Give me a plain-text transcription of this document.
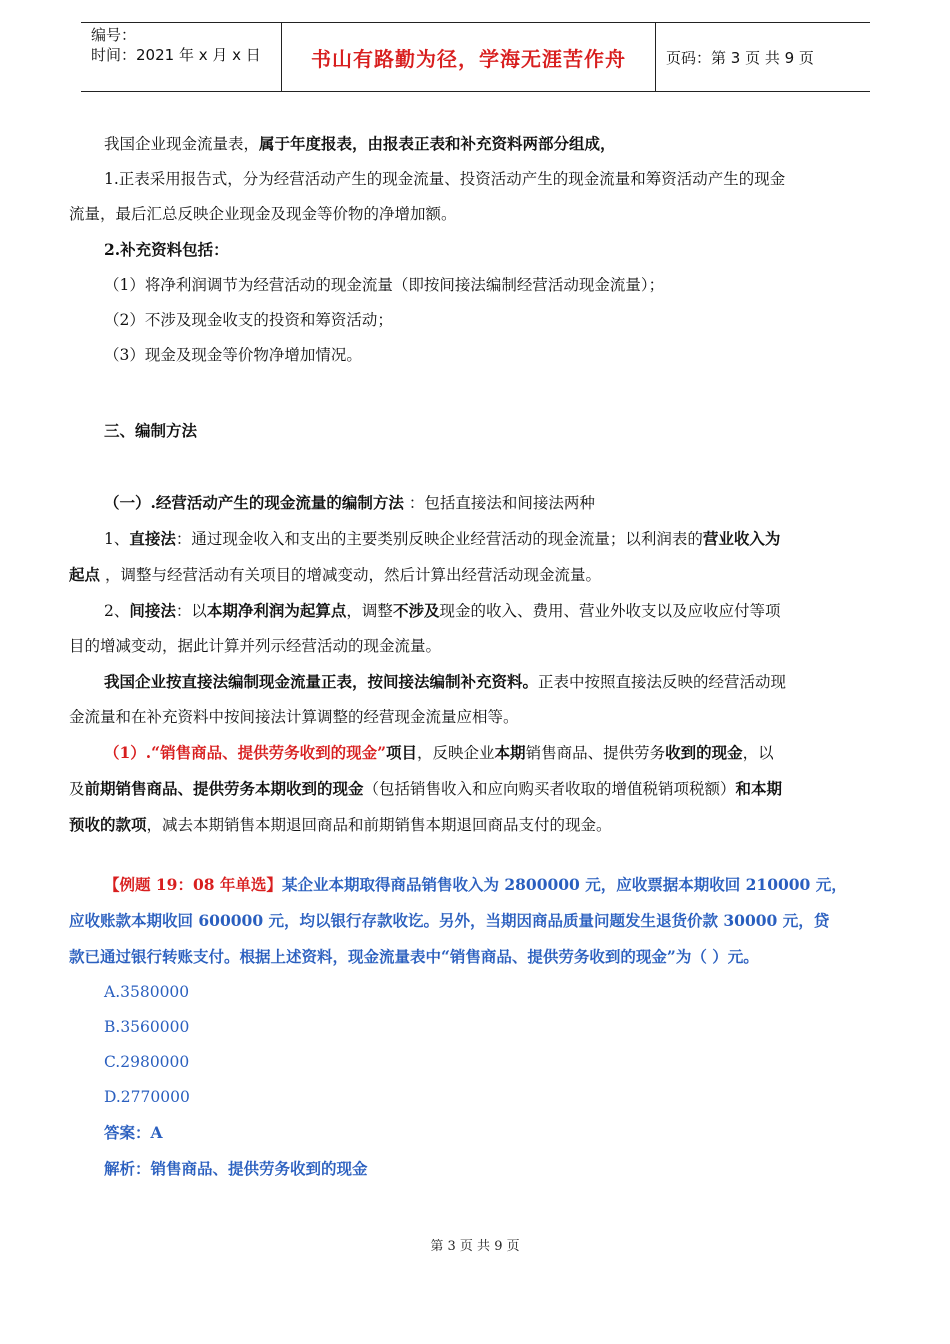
编号：
时间：2021 年 x 月 x 日	书山有路勤为径，学海无涯苦作舟	页码：第 3 页 共 9 页

我国企业现金流量表，属于年度报表，由报表正表和补充资料两部分组成，

1.正表采用报告式，分为经营活动产生的现金流量、投资活动产生的现金流量和筹资活动产生的现金

流量，最后汇总反映企业现金及现金等价物的净增加额。

2.补充资料包括：

（1）将净利润调节为经营活动的现金流量（即按间接法编制经营活动现金流量）；

（2）不涉及现金收支的投资和筹资活动；

（3）现金及现金等价物净增加情况。

三、编制方法

（一）.经营活动产生的现金流量的编制方法 ：包括直接法和间接法两种

1、直接法：通过现金收入和支出的主要类别反映企业经营活动的现金流量；以利润表的营业收入为

起点 ，调整与经营活动有关项目的增减变动，然后计算出经营活动现金流量。

2、间接法：以本期净利润为起算点，调整不涉及现金的收入、费用、营业外收支以及应收应付等项

目的增减变动，据此计算并列示经营活动的现金流量。

我国企业按直接法编制现金流量正表，按间接法编制补充资料。正表中按照直接法反映的经营活动现

金流量和在补充资料中按间接法计算调整的经营现金流量应相等。

（1）.“销售商品、提供劳务收到的现金”项目，反映企业本期销售商品、提供劳务收到的现金，以

及前期销售商品、提供劳务本期收到的现金（包括销售收入和应向购买者收取的增值税销项税额）和本期

预收的款项，减去本期销售本期退回商品和前期销售本期退回商品支付的现金。

【例题 19：08 年单选】某企业本期取得商品销售收入为 2800000 元，应收票据本期收回 210000 元，

应收账款本期收回 600000 元，均以银行存款收讫。另外，当期因商品质量问题发生退货价款 30000 元，贷

款已通过银行转账支付。根据上述资料，现金流量表中“销售商品、提供劳务收到的现金”为（ ）元。

A.3580000

B.3560000

C.2980000

D.2770000

答案：A

解析：销售商品、提供劳务收到的现金

第 3 页 共 9 页
